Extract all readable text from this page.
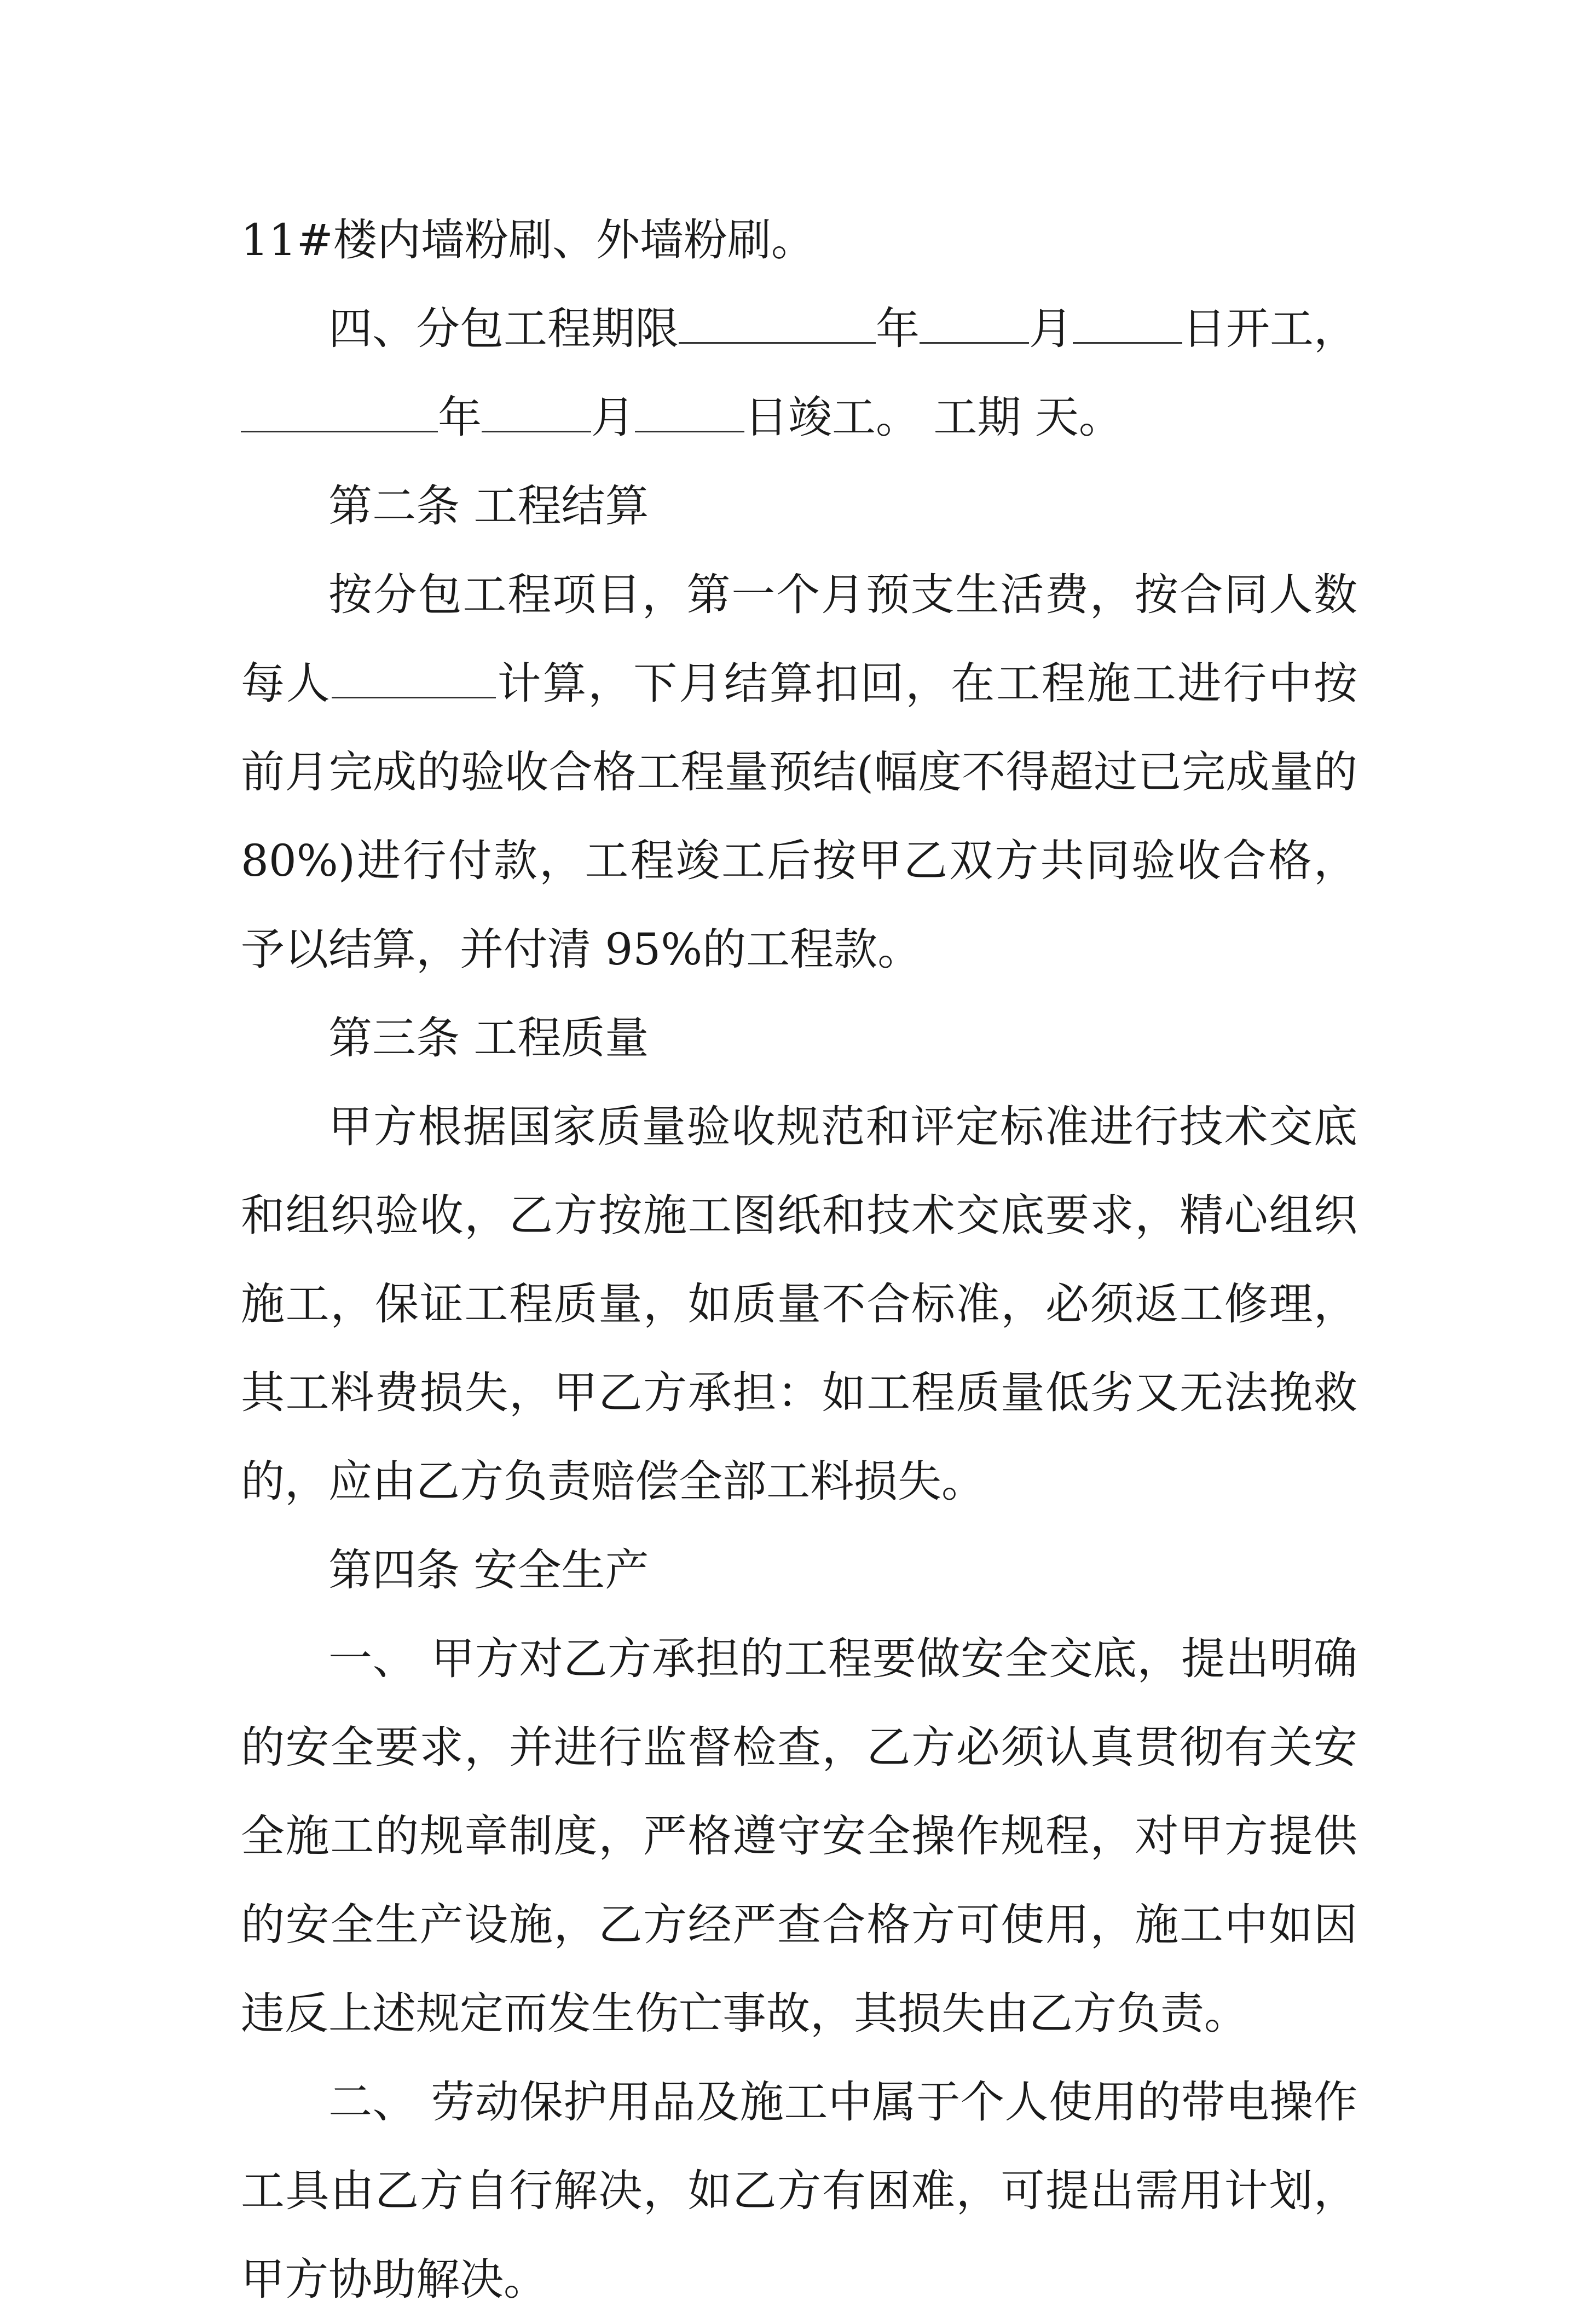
11#楼内墙粉刷、外墙粉刷。

四、分包工程期限	年	月	日开工，年	月	日竣工。 工期 天。

第二条 工程结算

按分包工程项目，第一个月预支生活费，按合同人数每人	计算，下月结算扣回，在工程施工进行中按前月完成的验收合格工程量预结(幅度不得超过已完成量的 80%)进行付款，工程竣工后按甲乙双方共同验收合格，予以结算，并付清 95%的工程款。

第三条 工程质量

甲方根据国家质量验收规范和评定标准进行技术交底和组织验收，乙方按施工图纸和技术交底要求，精心组织施工，保证工程质量，如质量不合标准，必须返工修理，其工料费损失，甲乙方承担：如工程质量低劣又无法挽救的，应由乙方负责赔偿全部工料损失。

第四条 安全生产

一、 甲方对乙方承担的工程要做安全交底，提出明确的安全要求，并进行监督检查，乙方必须认真贯彻有关安全施工的规章制度，严格遵守安全操作规程，对甲方提供的安全生产设施，乙方经严查合格方可使用，施工中如因违反上述规定而发生伤亡事故，其损失由乙方负责。

二、 劳动保护用品及施工中属于个人使用的带电操作工具由乙方自行解决，如乙方有困难，可提出需用计划，甲方协助解决。
